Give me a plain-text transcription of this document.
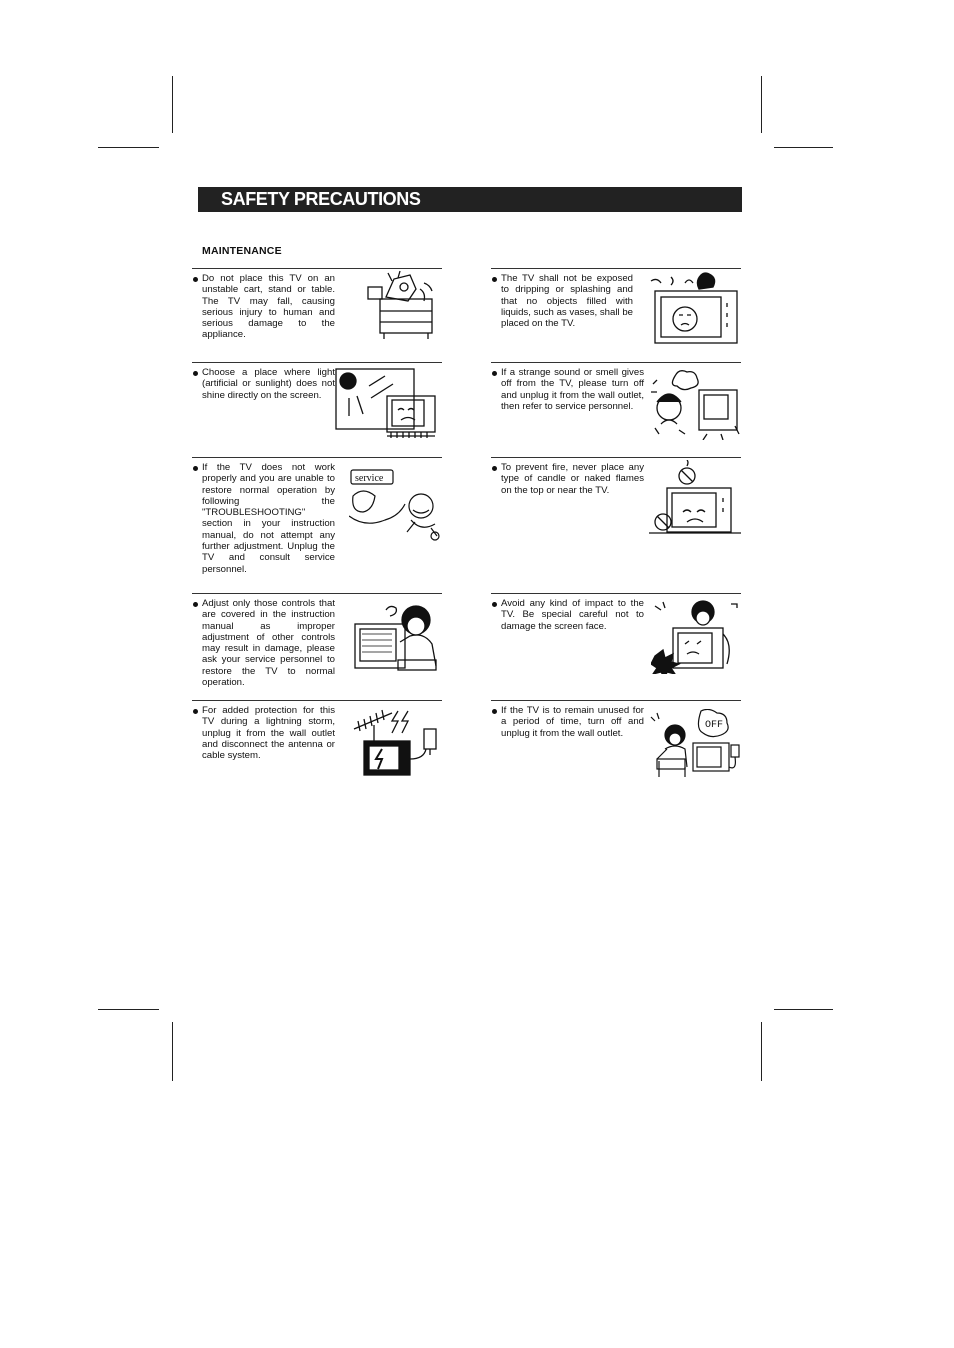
SAFETY PRECAUTIONS
MAINTENANCE
Do not place this TV on an unstable cart, stand or table. The TV may fall, causing serious injury to human and serious damage to the appliance.
Choose a place where light (artificial or sunlight) does not shine directly on the screen.
If the TV does not work properly and you are unable to restore normal operation by following the "TROUBLESHOOTING" section in your instruction manual, do not attempt any further adjustment. Unplug the TV and consult service personnel.
service
Adjust only those controls that are covered in the instruction manual as improper adjustment of other controls may result in damage, please ask your service personnel to restore the TV to normal operation.
For added protection for this TV during a lightning storm, unplug it from the wall outlet and disconnect the antenna or cable system.
The TV shall not be exposed to dripping or splashing and that no objects filled with liquids, such as vases, shall be placed on the TV.
If a strange sound or smell gives off from the TV, please turn off and unplug it from the wall outlet, then refer to service personnel.
To prevent fire, never place any type of candle or naked flames on the top or near the TV.
Avoid any kind of impact to the TV. Be special careful not to damage the screen face.
If the TV is to remain unused for a period of time, turn off and unplug it from the wall outlet.
OFF
